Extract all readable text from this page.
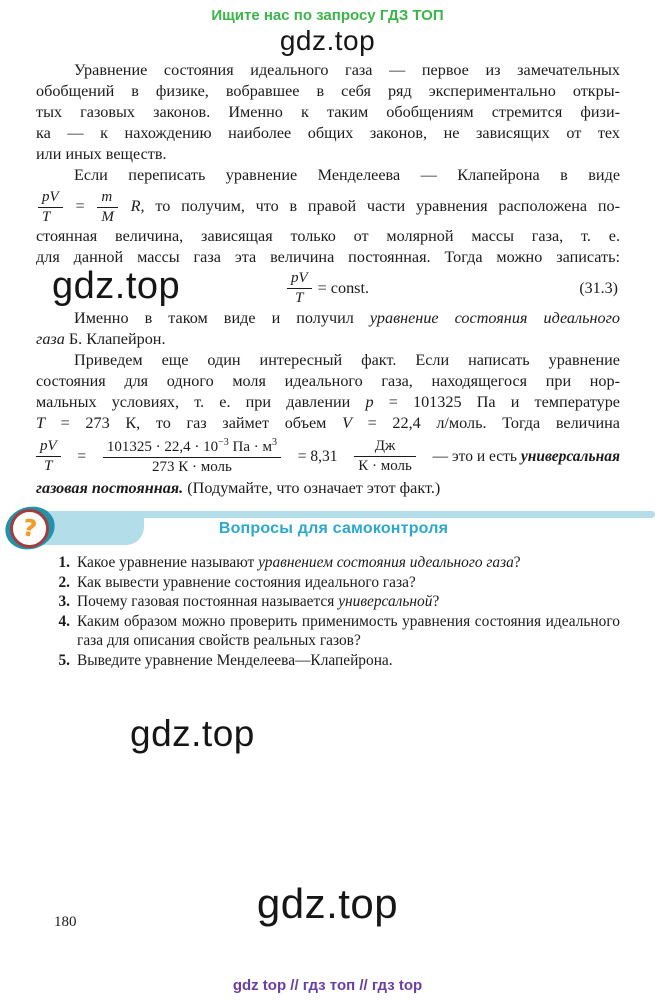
Ищите нас по запросу ГДЗ ТОП
gdz.top
Уравнение состояния идеального газа — первое из замечательных
обобщений в физике, вобравшее в себя ряд экспериментально откры-
тых газовых законов. Именно к таким обобщениям стремится физи-
ка — к нахождению наиболее общих законов, не зависящих от тех
или иных веществ.
Если переписать уравнение Менделеева — Клапейрона в виде
$\frac{pV}{T} = \frac{m}{M} R$, то получим, что в правой части уравнения расположена по-
стоянная величина, зависящая только от молярной массы газа, т. е.
для данной массы газа эта величина постоянная. Тогда можно записать:
gdz.top	$\frac{pV}{T}$ = const.	(31.3)
Именно в таком виде и получил уравнение состояния идеального
газа Б. Клапейрон.
Приведем еще один интересный факт. Если написать уравнение
состояния для одного моля идеального газа, находящегося при нор-
мальных условиях, т. е. при давлении p = 101325 Па и температуре
T = 273 К, то газ займет объем V = 22,4 л/моль. Тогда величина
$\frac{pV}{T} = \frac{101325 \cdot 22,4 \cdot 10^{-3} Па \cdot м^3}{\text{273 К · моль}} = 8,31 \frac{Дж}{\text{К · моль}}$ — это и есть универсальная
газовая постоянная. (Подумайте, что означает этот факт.)
?	Вопросы для самоконтроля
1. Какое уравнение называют уравнением состояния идеального газа?
2. Как вывести уравнение состояния идеального газа?
3. Почему газовая постоянная называется универсальной?
4. Каким образом можно проверить применимость уравнения состояния идеального газа для описания свойств реальных газов?
5. Выведите уравнение Менделеева—Клапейрона.
gdz.top
gdz.top
180
gdz top // гдз топ // гдз top
